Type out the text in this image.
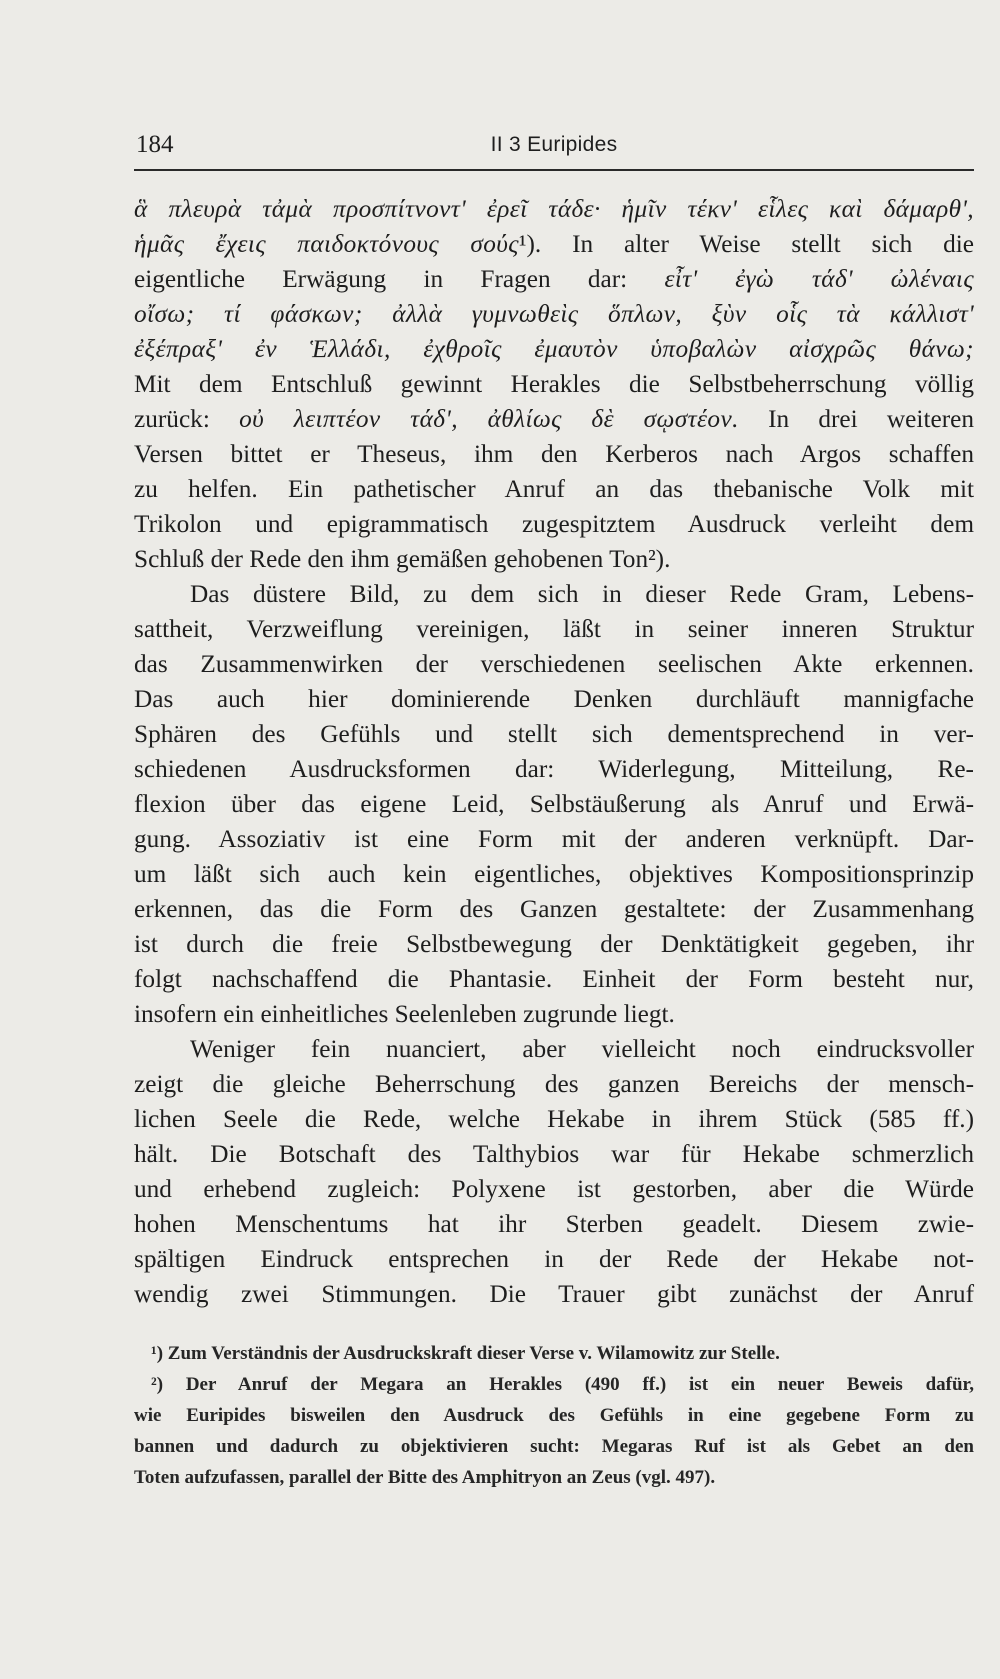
184	II 3 Euripides
ἃ πλευρὰ τἀμὰ προσπίτνοντ' ἐρεῖ τάδε· ἡμῖν τέκν' εἷλες καὶ δάμαρθ',
ἡμᾶς ἔχεις παιδοκτόνους σούς¹). In alter Weise stellt sich die
eigentliche Erwägung in Fragen dar: εἶτ' ἐγὼ τάδ' ὠλέναις
οἴσω; τί φάσκων; ἀλλὰ γυμνωθεὶς ὅπλων, ξὺν οἷς τὰ κάλλιστ'
ἐξέπραξ' ἐν Ἑλλάδι, ἐχθροῖς ἐμαυτὸν ὑποβαλὼν αἰσχρῶς θάνω;
Mit dem Entschluß gewinnt Herakles die Selbstbeherrschung völlig
zurück: οὐ λειπτέον τάδ', ἀθλίως δὲ σῳστέον. In drei weiteren
Versen bittet er Theseus, ihm den Kerberos nach Argos schaffen
zu helfen. Ein pathetischer Anruf an das thebanische Volk mit
Trikolon und epigrammatisch zugespitztem Ausdruck verleiht dem
Schluß der Rede den ihm gemäßen gehobenen Ton²).
Das düstere Bild, zu dem sich in dieser Rede Gram, Lebens-
sattheit, Verzweiflung vereinigen, läßt in seiner inneren Struktur
das Zusammenwirken der verschiedenen seelischen Akte erkennen.
Das auch hier dominierende Denken durchläuft mannigfache
Sphären des Gefühls und stellt sich dementsprechend in ver-
schiedenen Ausdrucksformen dar: Widerlegung, Mitteilung, Re-
flexion über das eigene Leid, Selbstäußerung als Anruf und Erwä-
gung. Assoziativ ist eine Form mit der anderen verknüpft. Dar-
um läßt sich auch kein eigentliches, objektives Kompositionsprinzip
erkennen, das die Form des Ganzen gestaltete: der Zusammenhang
ist durch die freie Selbstbewegung der Denktätigkeit gegeben, ihr
folgt nachschaffend die Phantasie. Einheit der Form besteht nur,
insofern ein einheitliches Seelenleben zugrunde liegt.
Weniger fein nuanciert, aber vielleicht noch eindrucksvoller
zeigt die gleiche Beherrschung des ganzen Bereichs der mensch-
lichen Seele die Rede, welche Hekabe in ihrem Stück (585 ff.)
hält. Die Botschaft des Talthybios war für Hekabe schmerzlich
und erhebend zugleich: Polyxene ist gestorben, aber die Würde
hohen Menschentums hat ihr Sterben geadelt. Diesem zwie-
spältigen Eindruck entsprechen in der Rede der Hekabe not-
wendig zwei Stimmungen. Die Trauer gibt zunächst der Anruf
¹) Zum Verständnis der Ausdruckskraft dieser Verse v. Wilamowitz zur Stelle.
²) Der Anruf der Megara an Herakles (490 ff.) ist ein neuer Beweis dafür,
wie Euripides bisweilen den Ausdruck des Gefühls in eine gegebene Form zu
bannen und dadurch zu objektivieren sucht: Megaras Ruf ist als Gebet an den
Toten aufzufassen, parallel der Bitte des Amphitryon an Zeus (vgl. 497).
